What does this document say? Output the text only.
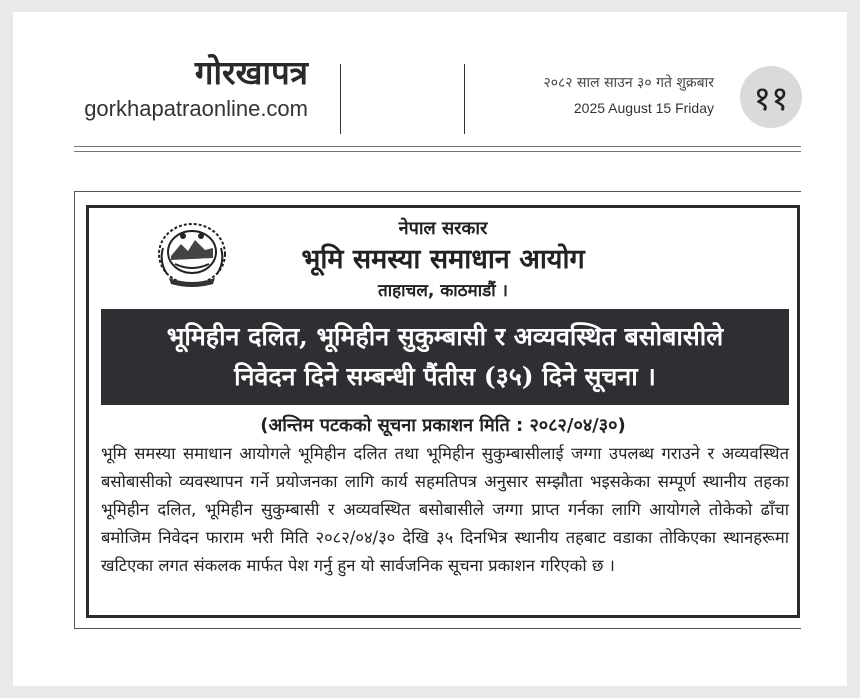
गोरखापत्र
gorkhapatraonline.com
२०८२ साल साउन ३० गते शुक्रबार
2025 August 15 Friday	११
नेपाल सरकार
भूमि समस्या समाधान आयोग
ताहाचल, काठमाडौं ।
भूमिहीन दलित, भूमिहीन सुकुम्बासी र अव्यवस्थित बसोबासीले
निवेदन दिने सम्बन्धी पैंतीस (३५) दिने सूचना ।
(अन्तिम पटकको सूचना प्रकाशन मिति : २०८२/०४/३०)
भूमि समस्या समाधान आयोगले भूमिहीन दलित तथा भूमिहीन सुकुम्बासीलाई जग्गा उपलब्ध गराउने र अव्यवस्थित बसोबासीको व्यवस्थापन गर्ने प्रयोजनका लागि कार्य सहमतिपत्र अनुसार सम्झौता भइसकेका सम्पूर्ण स्थानीय तहका भूमिहीन दलित, भूमिहीन सुकुम्बासी र अव्यवस्थित बसोबासीले जग्गा प्राप्त गर्नका लागि आयोगले तोकेको ढाँचा बमोजिम निवेदन फाराम भरी मिति २०८२/०४/३० देखि ३५ दिनभित्र स्थानीय तहबाट वडाका तोकिएका स्थानहरूमा खटिएका लगत संकलक मार्फत पेश गर्नु हुन यो सार्वजनिक सूचना प्रकाशन गरिएको छ ।
